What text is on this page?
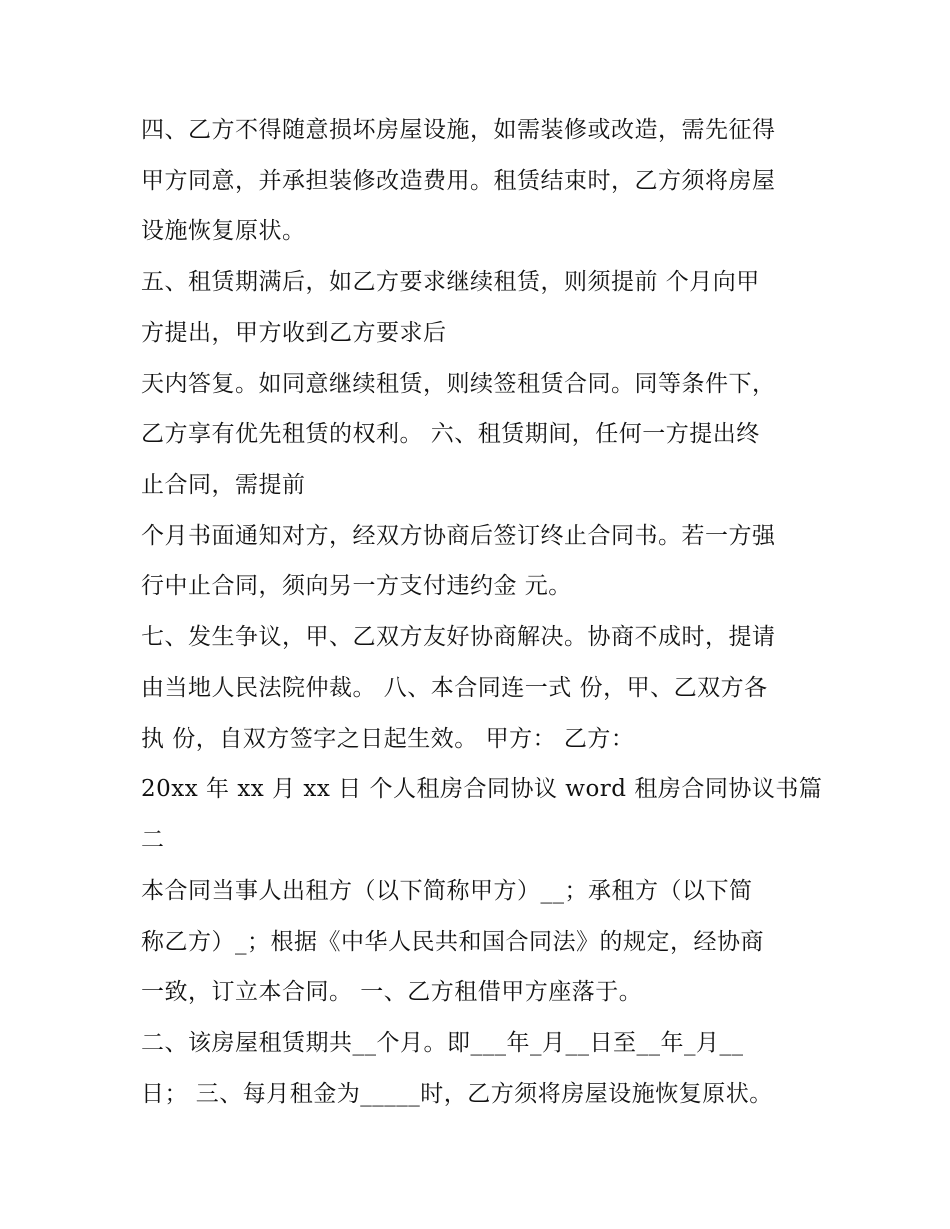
四、乙方不得随意损坏房屋设施，如需装修或改造，需先征得
甲方同意，并承担装修改造费用。租赁结束时，乙方须将房屋
设施恢复原状。
五、租赁期满后，如乙方要求继续租赁，则须提前 个月向甲
方提出，甲方收到乙方要求后
天内答复。如同意继续租赁，则续签租赁合同。同等条件下，
乙方享有优先租赁的权利。 六、租赁期间，任何一方提出终
止合同，需提前
个月书面通知对方，经双方协商后签订终止合同书。若一方强
行中止合同，须向另一方支付违约金 元。
七、发生争议，甲、乙双方友好协商解决。协商不成时，提请
由当地人民法院仲裁。 八、本合同连一式 份，甲、乙双方各
执 份，自双方签字之日起生效。 甲方： 乙方：
20xx 年 xx 月 xx 日 个人租房合同协议 word 租房合同协议书篇
二
本合同当事人出租方（以下简称甲方）__；承租方（以下简
称乙方）_；根据《中华人民共和国合同法》的规定，经协商
一致，订立本合同。 一、乙方租借甲方座落于。
二、该房屋租赁期共__个月。即___年_月__日至__年_月__
日； 三、每月租金为_____时，乙方须将房屋设施恢复原状。
